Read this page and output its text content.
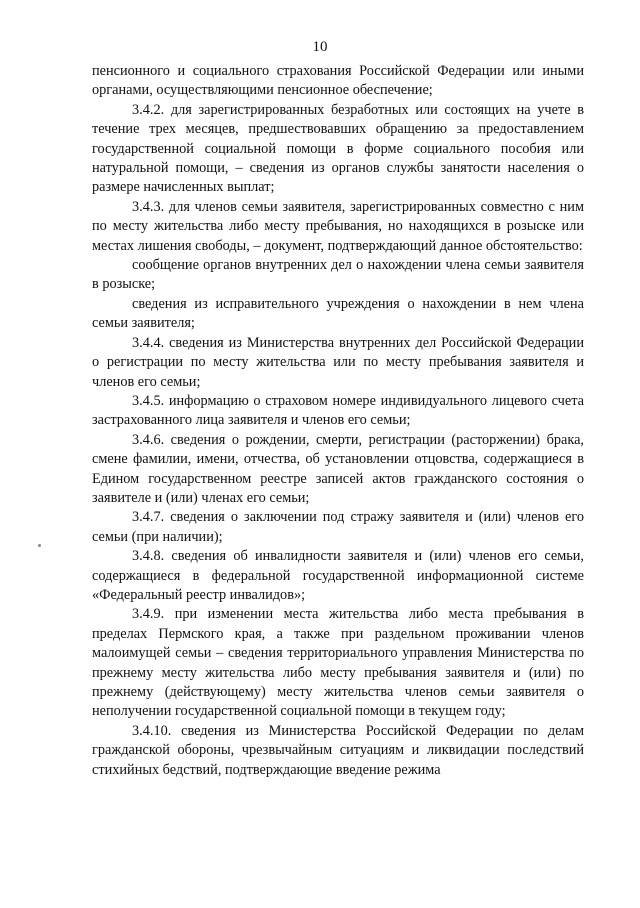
10

пенсионного и социального страхования Российской Федерации или иными органами, осуществляющими пенсионное обеспечение;

3.4.2. для зарегистрированных безработных или состоящих на учете в течение трех месяцев, предшествовавших обращению за предоставлением государственной социальной помощи в форме социального пособия или натуральной помощи, – сведения из органов службы занятости населения о размере начисленных выплат;

3.4.3. для членов семьи заявителя, зарегистрированных совместно с ним по месту жительства либо месту пребывания, но находящихся в розыске или местах лишения свободы, – документ, подтверждающий данное обстоятельство:

сообщение органов внутренних дел о нахождении члена семьи заявителя в розыске;

сведения из исправительного учреждения о нахождении в нем члена семьи заявителя;

3.4.4. сведения из Министерства внутренних дел Российской Федерации о регистрации по месту жительства или по месту пребывания заявителя и членов его семьи;

3.4.5. информацию о страховом номере индивидуального лицевого счета застрахованного лица заявителя и членов его семьи;

3.4.6. сведения о рождении, смерти, регистрации (расторжении) брака, смене фамилии, имени, отчества, об установлении отцовства, содержащиеся в Едином государственном реестре записей актов гражданского состояния о заявителе и (или) членах его семьи;

3.4.7. сведения о заключении под стражу заявителя и (или) членов его семьи (при наличии);

3.4.8. сведения об инвалидности заявителя и (или) членов его семьи, содержащиеся в федеральной государственной информационной системе «Федеральный реестр инвалидов»;

3.4.9. при изменении места жительства либо места пребывания в пределах Пермского края, а также при раздельном проживании членов малоимущей семьи – сведения территориального управления Министерства по прежнему месту жительства либо месту пребывания заявителя и (или) по прежнему (действующему) месту жительства членов семьи заявителя о неполучении государственной социальной помощи в текущем году;

3.4.10. сведения из Министерства Российской Федерации по делам гражданской обороны, чрезвычайным ситуациям и ликвидации последствий стихийных бедствий, подтверждающие введение режима
